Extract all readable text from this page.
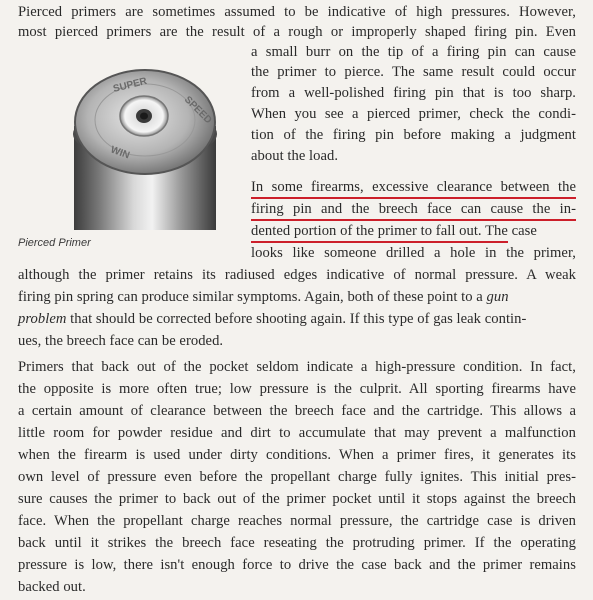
Pierced primers are sometimes assumed to be indicative of high pressures. However,
most pierced primers are the result of a rough or improperly shaped firing pin. Even
a small burr on the tip of a firing pin can cause
the primer to pierce. The same result could occur
from a well-polished firing pin that is too sharp.
When you see a pierced primer, check the condi-
tion of the firing pin before making a judgment
about the load.
SUPER
SPEED
WIN
Pierced Primer
In some firearms, excessive clearance between the
firing pin and the breech face can cause the in-
dented portion of the primer to fall out. The case
looks like someone drilled a hole in the primer,
although the primer retains its radiused edges indicative of normal pressure. A weak
firing pin spring can produce similar symptoms. Again, both of these point to a gun
problem that should be corrected before shooting again. If this type of gas leak contin-
ues, the breech face can be eroded.
Primers that back out of the pocket seldom indicate a high-pressure condition. In fact,
the opposite is more often true; low pressure is the culprit. All sporting firearms have
a certain amount of clearance between the breech face and the cartridge. This allows a
little room for powder residue and dirt to accumulate that may prevent a malfunction
when the firearm is used under dirty conditions. When a primer fires, it generates its
own level of pressure even before the propellant charge fully ignites. This initial pres-
sure causes the primer to back out of the primer pocket until it stops against the breech
face. When the propellant charge reaches normal pressure, the cartridge case is driven
back until it strikes the breech face reseating the protruding primer. If the operating
pressure is low, there isn't enough force to drive the case back and the primer remains
backed out.
